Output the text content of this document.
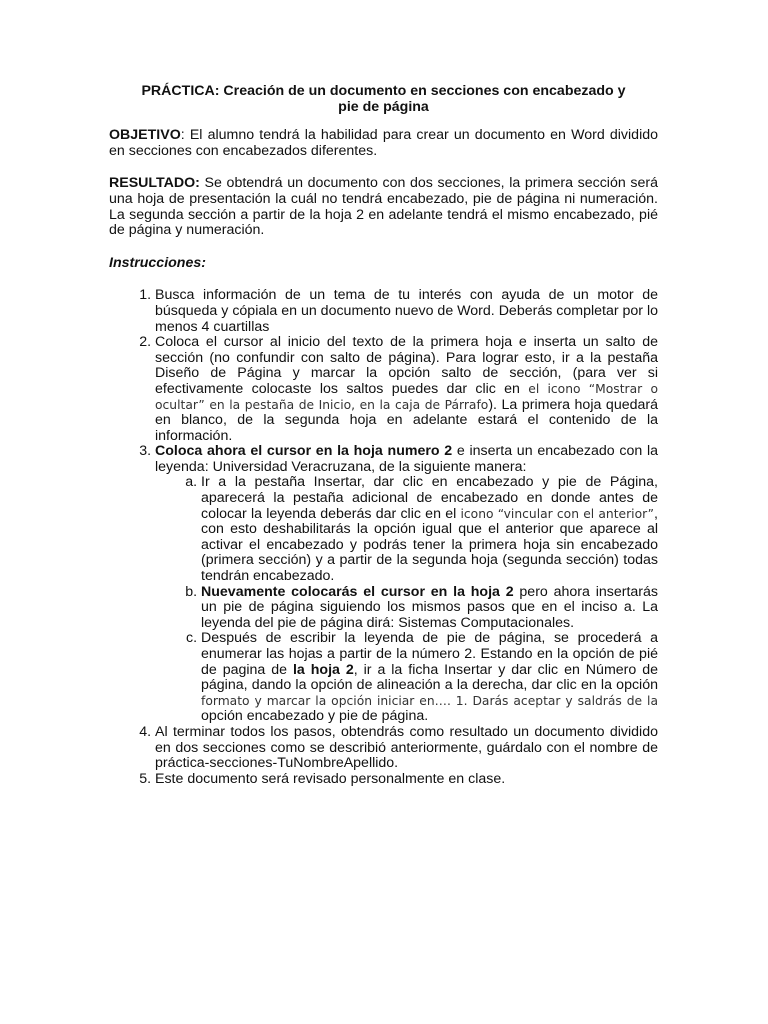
PRÁCTICA: Creación de un documento en secciones con encabezado y
pie de página

OBJETIVO: El alumno tendrá la habilidad para crear un documento en Word dividido en secciones con encabezados diferentes.

RESULTADO: Se obtendrá un documento con dos secciones, la primera sección será una hoja de presentación la cuál no tendrá encabezado, pie de página ni numeración. La segunda sección a partir de la hoja 2 en adelante tendrá el mismo encabezado, pié de página y numeración.

Instrucciones:

1. Busca información de un tema de tu interés con ayuda de un motor de búsqueda y cópiala en un documento nuevo de Word. Deberás completar por lo menos 4 cuartillas
2. Coloca el cursor al inicio del texto de la primera hoja e inserta un salto de sección (no confundir con salto de página). Para lograr esto, ir a la pestaña Diseño de Página y marcar la opción salto de sección, (para ver si efectivamente colocaste los saltos puedes dar clic en el icono “Mostrar o ocultar” en la pestaña de Inicio, en la caja de Párrafo). La primera hoja quedará en blanco, de la segunda hoja en adelante estará el contenido de la información.
3. Coloca ahora el cursor en la hoja numero 2 e inserta un encabezado con la leyenda: Universidad Veracruzana, de la siguiente manera:
a. Ir a la pestaña Insertar, dar clic en encabezado y pie de Página, aparecerá la pestaña adicional de encabezado en donde antes de colocar la leyenda deberás dar clic en el icono “vincular con el anterior”, con esto deshabilitarás la opción igual que el anterior que aparece al activar el encabezado y podrás tener la primera hoja sin encabezado (primera sección) y a partir de la segunda hoja (segunda sección) todas tendrán encabezado.
b. Nuevamente colocarás el cursor en la hoja 2 pero ahora insertarás un pie de página siguiendo los mismos pasos que en el inciso a. La leyenda del pie de página dirá: Sistemas Computacionales.
c. Después de escribir la leyenda de pie de página, se procederá a enumerar las hojas a partir de la número 2. Estando en la opción de pié de pagina de la hoja 2, ir a la ficha Insertar y dar clic en Número de página, dando la opción de alineación a la derecha, dar clic en la opción formato y marcar la opción iniciar en…. 1. Darás aceptar y saldrás de la opción encabezado y pie de página.
4. Al terminar todos los pasos, obtendrás como resultado un documento dividido en dos secciones como se describió anteriormente, guárdalo con el nombre de práctica-secciones-TuNombreApellido.
5. Este documento será revisado personalmente en clase.
